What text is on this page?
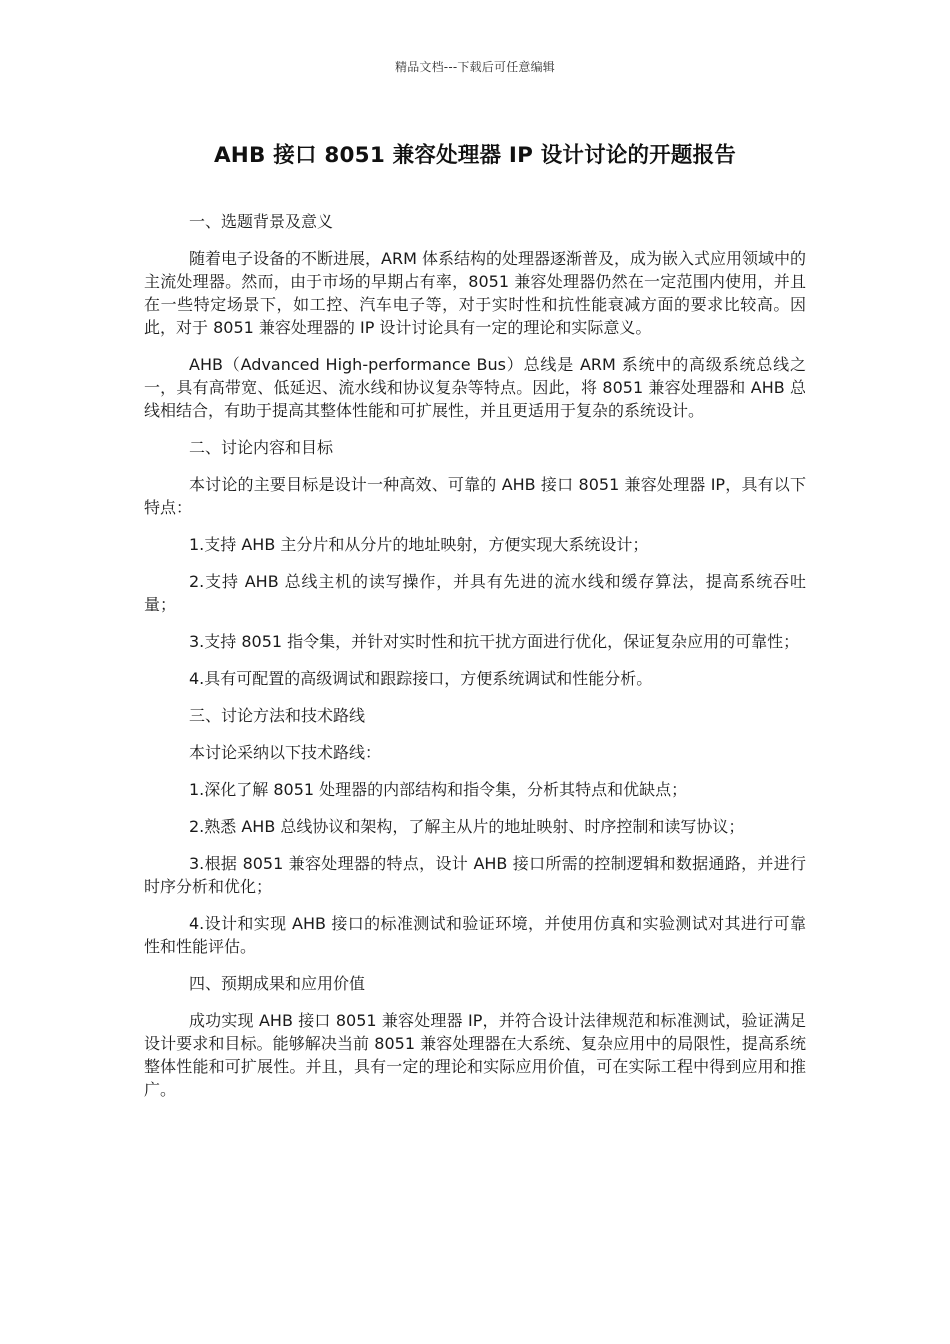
精品文档---下载后可任意编辑
AHB 接口 8051 兼容处理器 IP 设计讨论的开题报告

一、选题背景及意义

随着电子设备的不断进展，ARM 体系结构的处理器逐渐普及，成为嵌入式应用领域中的主流处理器。然而，由于市场的早期占有率，8051 兼容处理器仍然在一定范围内使用，并且在一些特定场景下，如工控、汽车电子等，对于实时性和抗性能衰减方面的要求比较高。因此，对于 8051 兼容处理器的 IP 设计讨论具有一定的理论和实际意义。

AHB（Advanced High-performance Bus）总线是 ARM 系统中的高级系统总线之一，具有高带宽、低延迟、流水线和协议复杂等特点。因此，将 8051 兼容处理器和 AHB 总线相结合，有助于提高其整体性能和可扩展性，并且更适用于复杂的系统设计。

二、讨论内容和目标

本讨论的主要目标是设计一种高效、可靠的 AHB 接口 8051 兼容处理器 IP，具有以下特点：

1.支持 AHB 主分片和从分片的地址映射，方便实现大系统设计；

2.支持 AHB 总线主机的读写操作，并具有先进的流水线和缓存算法，提高系统吞吐量；

3.支持 8051 指令集，并针对实时性和抗干扰方面进行优化，保证复杂应用的可靠性；

4.具有可配置的高级调试和跟踪接口，方便系统调试和性能分析。

三、讨论方法和技术路线

本讨论采纳以下技术路线：

1.深化了解 8051 处理器的内部结构和指令集，分析其特点和优缺点；

2.熟悉 AHB 总线协议和架构，了解主从片的地址映射、时序控制和读写协议；

3.根据 8051 兼容处理器的特点，设计 AHB 接口所需的控制逻辑和数据通路，并进行时序分析和优化；

4.设计和实现 AHB 接口的标准测试和验证环境，并使用仿真和实验测试对其进行可靠性和性能评估。

四、预期成果和应用价值

成功实现 AHB 接口 8051 兼容处理器 IP，并符合设计法律规范和标准测试，验证满足设计要求和目标。能够解决当前 8051 兼容处理器在大系统、复杂应用中的局限性，提高系统整体性能和可扩展性。并且，具有一定的理论和实际应用价值，可在实际工程中得到应用和推广。
